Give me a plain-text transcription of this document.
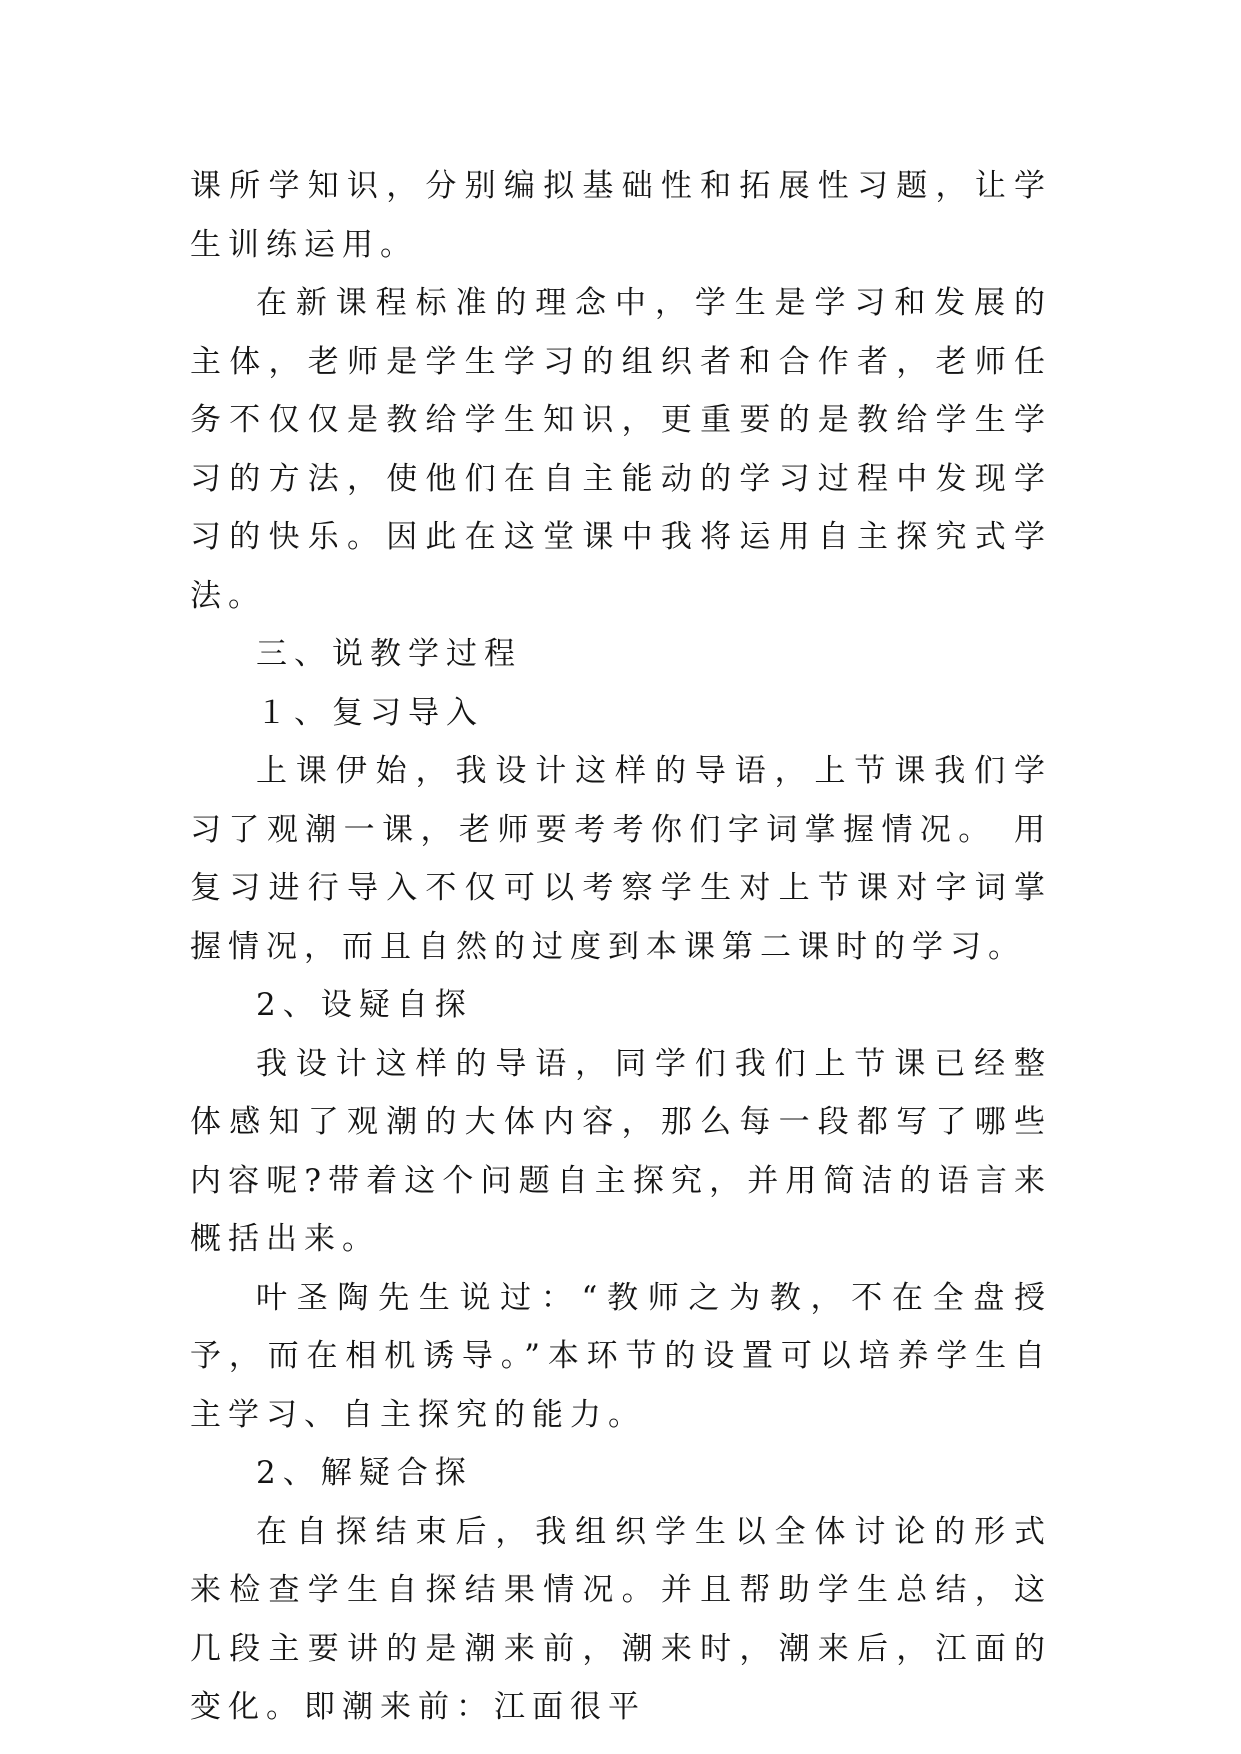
课所学知识，分别编拟基础性和拓展性习题，让学生训练运用。

在新课程标准的理念中，学生是学习和发展的主体，老师是学生学习的组织者和合作者，老师任务不仅仅是教给学生知识，更重要的是教给学生学习的方法，使他们在自主能动的学习过程中发现学习的快乐。因此在这堂课中我将运用自主探究式学法。

三、说教学过程

１、复习导入

上课伊始，我设计这样的导语，上节课我们学习了观潮一课，老师要考考你们字词掌握情况。 用复习进行导入不仅可以考察学生对上节课对字词掌握情况，而且自然的过度到本课第二课时的学习。

2、设疑自探

我设计这样的导语，同学们我们上节课已经整体感知了观潮的大体内容，那么每一段都写了哪些内容呢?带着这个问题自主探究，并用简洁的语言来概括出来。

叶圣陶先生说过：“教师之为教，不在全盘授予，而在相机诱导。”本环节的设置可以培养学生自主学习、自主探究的能力。

2、解疑合探

在自探结束后，我组织学生以全体讨论的形式来检查学生自探结果情况。并且帮助学生总结，这几段主要讲的是潮来前，潮来时，潮来后，江面的变化。即潮来前：江面很平
